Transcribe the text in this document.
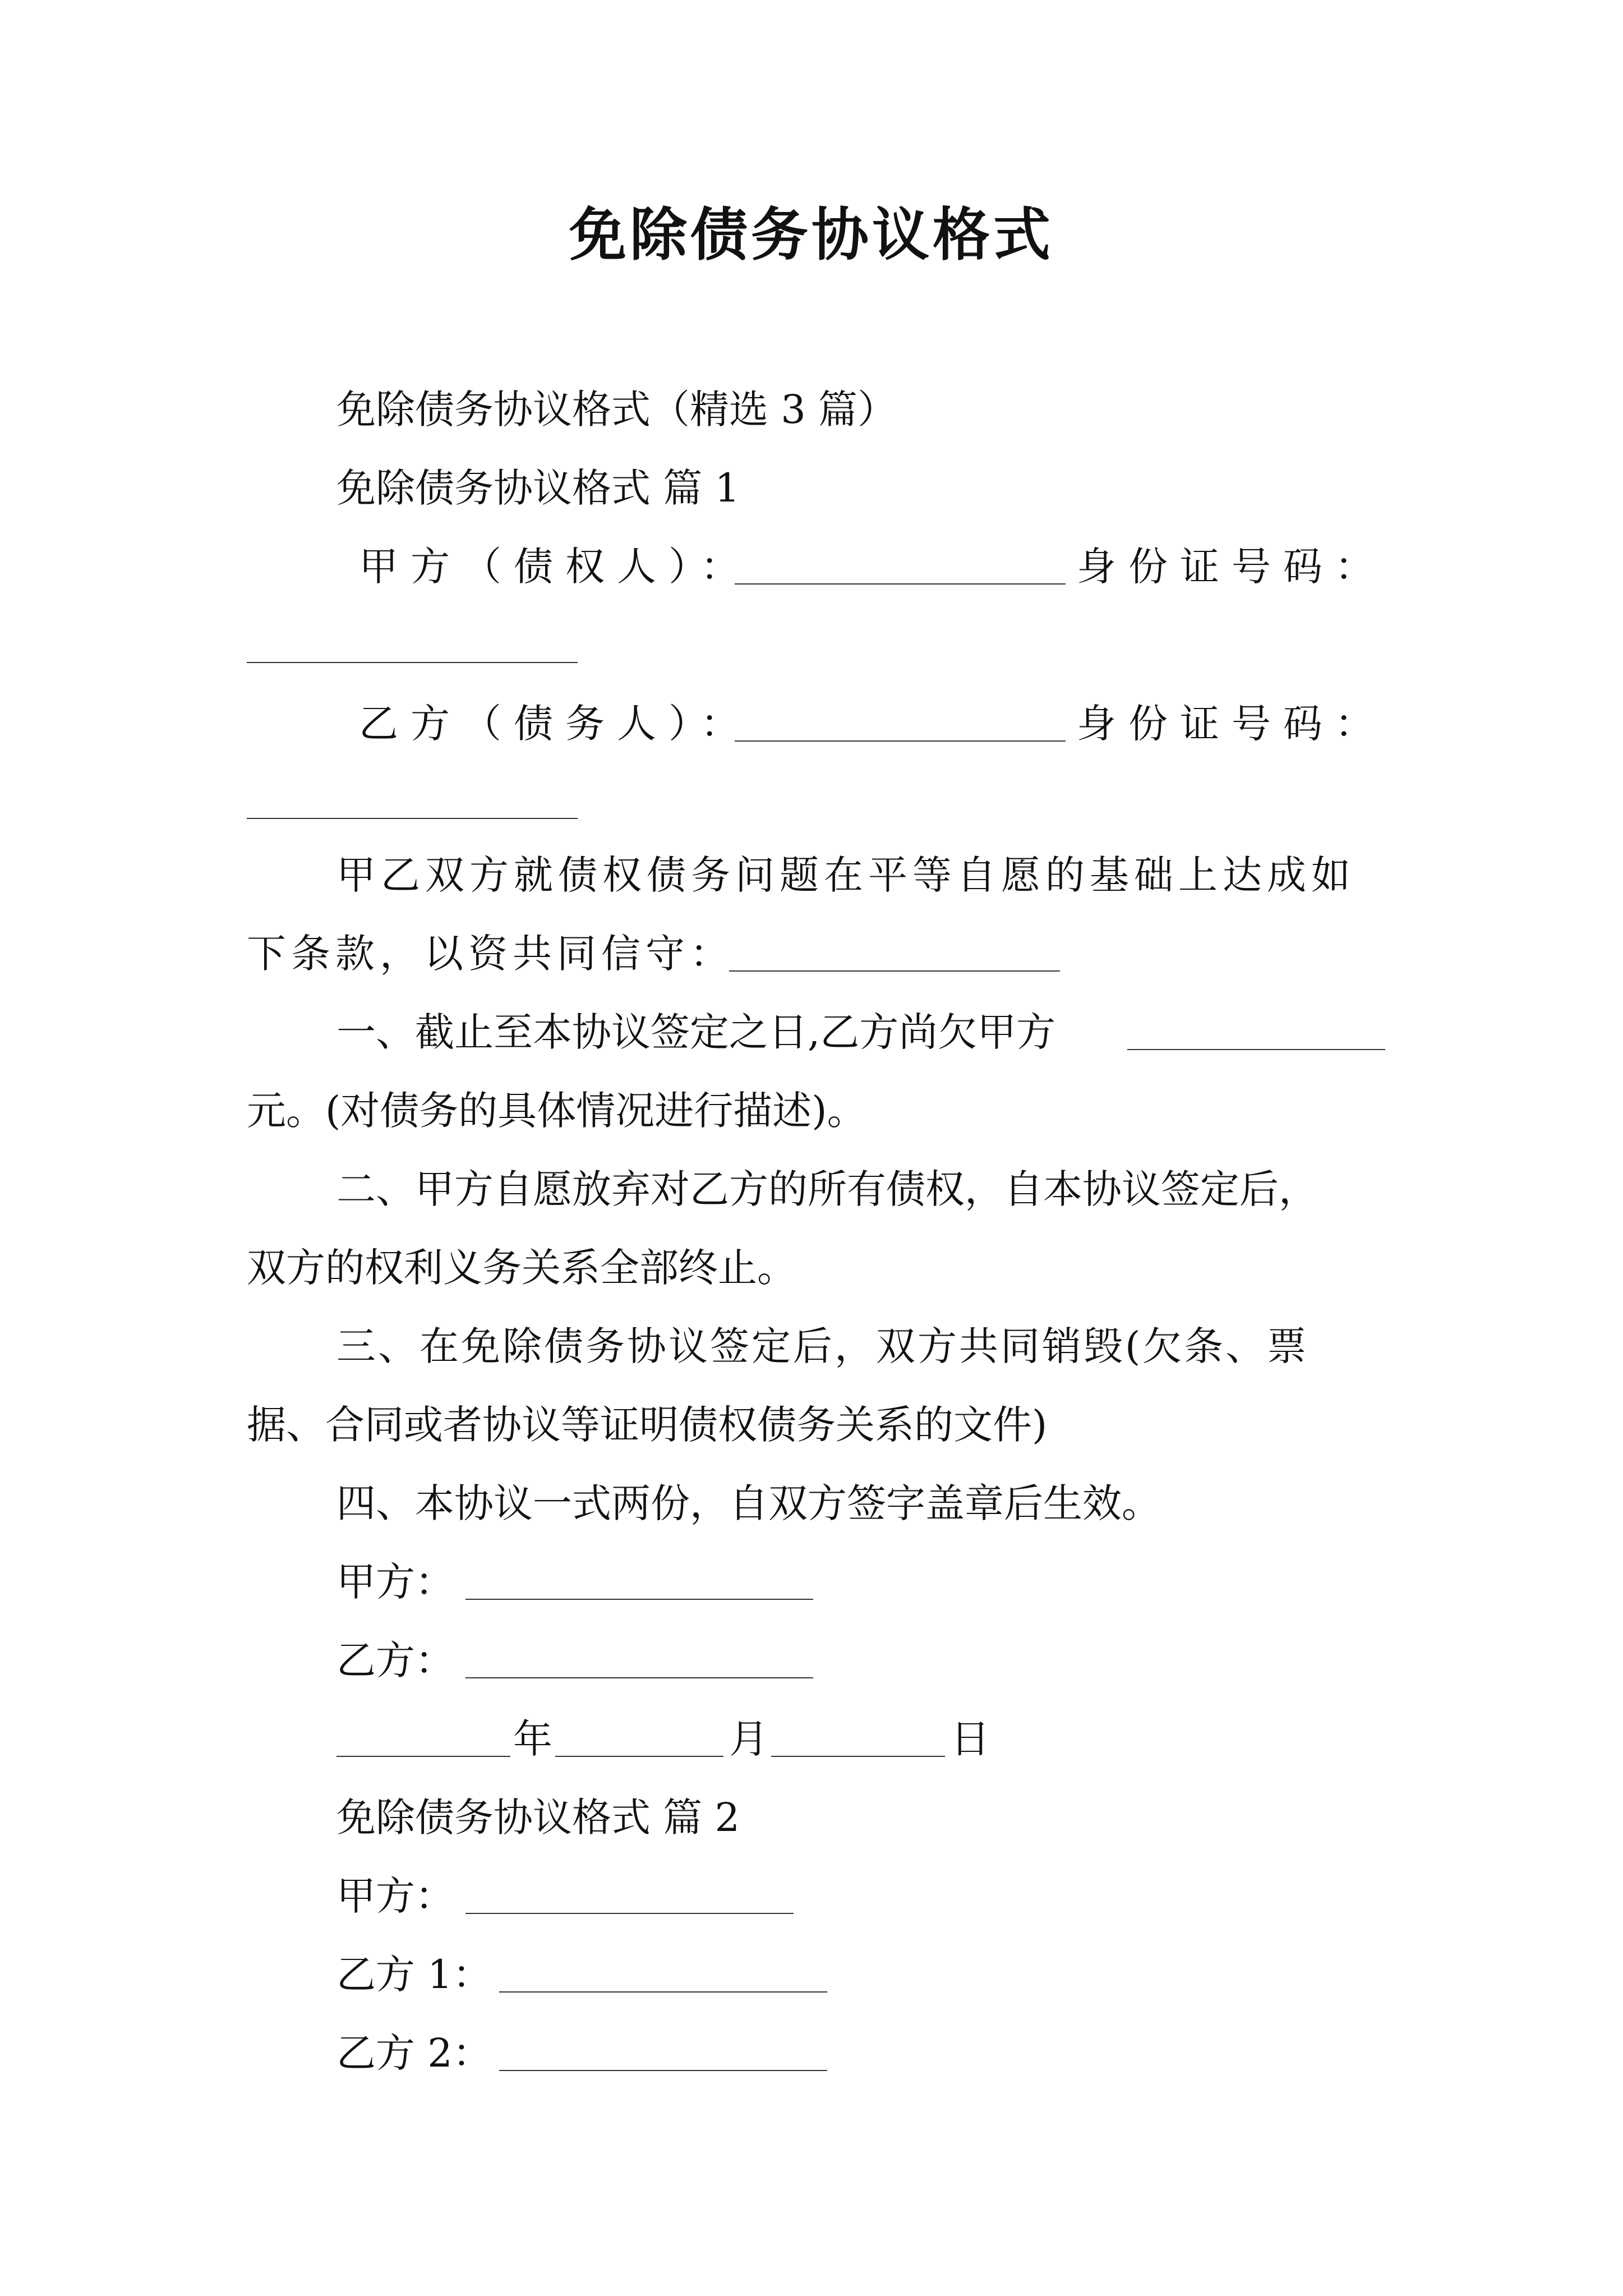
免除债务协议格式
免除债务协议格式（精选 3 篇）
免除债务协议格式 篇 1
甲方（债权人）：	身份证号码：
乙方（债务人）：	身份证号码：
甲乙双方就债权债务问题在平等自愿的基础上达成如
下条款，以资共同信守：
一、截止至本协议签定之日,乙方尚欠甲方
元。(对债务的具体情况进行描述)。
二、甲方自愿放弃对乙方的所有债权，自本协议签定后，
双方的权利义务关系全部终止。
三、在免除债务协议签定后，双方共同销毁(欠条、票
据、合同或者协议等证明债权债务关系的文件)
四、本协议一式两份，自双方签字盖章后生效。
甲方：
乙方：
年	月	日
免除债务协议格式 篇 2
甲方：
乙方 1：
乙方 2：
